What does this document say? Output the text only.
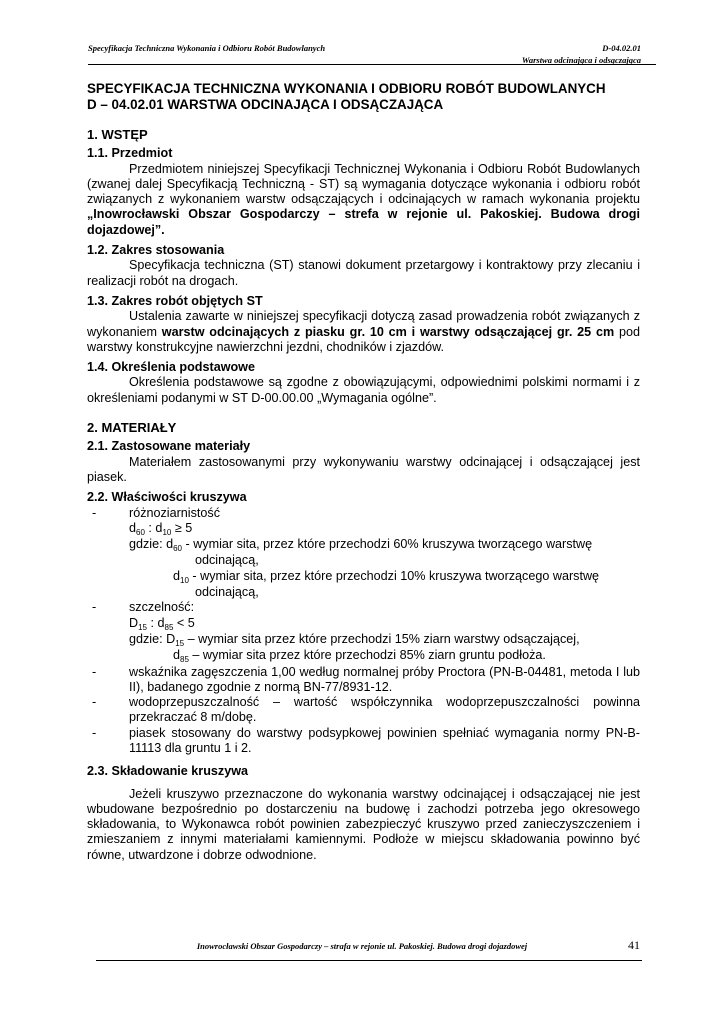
Specyfikacja Techniczna Wykonania i Odbioru Robót Budowlanych	D-04.02.01
Warstwa odcinająca i odsączająca

SPECYFIKACJA TECHNICZNA WYKONANIA I ODBIORU ROBÓT BUDOWLANYCH

D – 04.02.01 WARSTWA ODCINAJĄCA I ODSĄCZAJĄCA

1. WSTĘP
1.1. Przedmiot

Przedmiotem niniejszej Specyfikacji Technicznej Wykonania i Odbioru Robót Budowlanych (zwanej dalej Specyfikacją Techniczną - ST) są wymagania dotyczące wykonania i odbioru robót związanych z wykonaniem warstw odsączających i odcinających w ramach wykonania projektu „Inowrocławski Obszar Gospodarczy – strefa w rejonie ul. Pakoskiej. Budowa drogi dojazdowej”.

1.2. Zakres stosowania

Specyfikacja techniczna (ST) stanowi dokument przetargowy i kontraktowy przy zlecaniu i realizacji robót na drogach.

1.3. Zakres robót objętych ST

Ustalenia zawarte w niniejszej specyfikacji dotyczą zasad prowadzenia robót związanych z wykonaniem warstw odcinających z piasku gr. 10 cm i warstwy odsączającej gr. 25 cm pod warstwy konstrukcyjne nawierzchni jezdni, chodników i zjazdów.

1.4. Określenia podstawowe

Określenia podstawowe są zgodne z obowiązującymi, odpowiednimi polskimi normami i z określeniami podanymi w ST D-00.00.00 „Wymagania ogólne”.

2. MATERIAŁY
2.1. Zastosowane materiały

Materiałem zastosowanymi przy wykonywaniu warstwy odcinającej i odsączającej jest piasek.

2.2. Właściwości kruszywa
-	różnoziarnistość
$d_{60}$ : $d_{10} \ge 5$
gdzie: $d_{60}$ - wymiar sita, przez które przechodzi 60% kruszywa tworzącego warstwę
odcinającą,
$d_{10}$ - wymiar sita, przez które przechodzi 10% kruszywa tworzącego warstwę
odcinającą,
-	szczelność:
$D_{15}$ : $d_{85} < 5$
gdzie: $D_{15}$ – wymiar sita przez które przechodzi 15% ziarn warstwy odsączającej,
$d_{85}$ – wymiar sita przez które przechodzi 85% ziarn gruntu podłoża.
-	wskaźnika zagęszczenia 1,00 według normalnej próby Proctora (PN-B-04481, metoda I lub II), badanego zgodnie z normą BN-77/8931-12.
-	wodoprzepuszczalność – wartość współczynnika wodoprzepuszczalności powinna przekraczać 8 m/dobę.
-	piasek stosowany do warstwy podsypkowej powinien spełniać wymagania normy PN-B-11113 dla gruntu 1 i 2.
2.3. Składowanie kruszywa

Jeżeli kruszywo przeznaczone do wykonania warstwy odcinającej i odsączającej nie jest wbudowane bezpośrednio po dostarczeniu na budowę i zachodzi potrzeba jego okresowego składowania, to Wykonawca robót powinien zabezpieczyć kruszywo przed zanieczyszczeniem i zmieszaniem z innymi materiałami kamiennymi. Podłoże w miejscu składowania powinno być równe, utwardzone i dobrze odwodnione.

Inowrocławski Obszar Gospodarczy – strafa w rejonie ul. Pakoskiej. Budowa drogi dojazdowej	41
